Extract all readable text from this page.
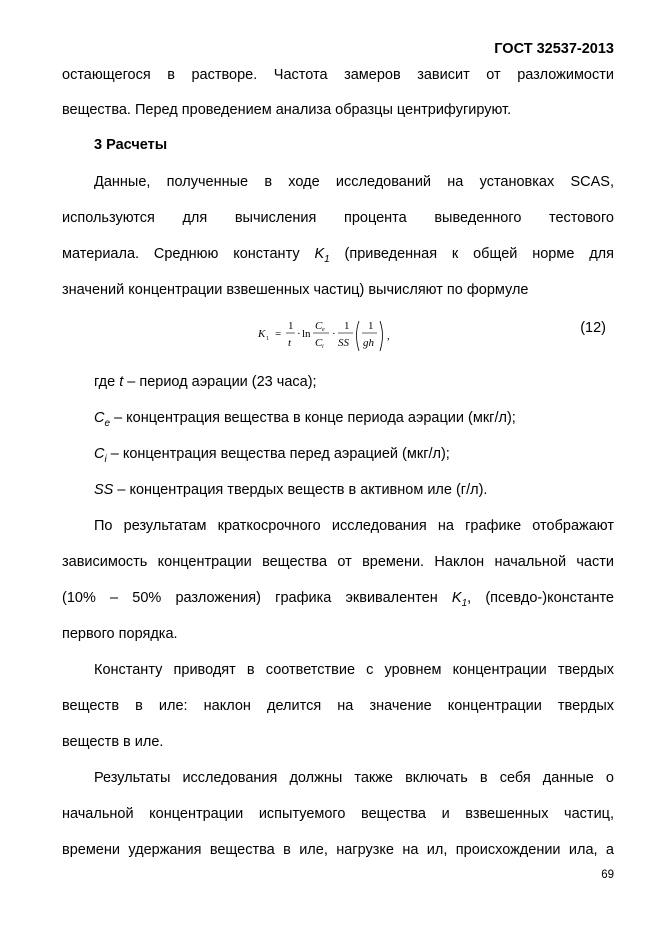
ГОСТ 32537-2013
остающегося в растворе. Частота замеров зависит от разложимости
вещества. Перед проведением анализа образцы центрифугируют.
3 Расчеты
Данные, полученные в ходе исследований на установках SCAS,
используются для вычисления процента выведенного тестового
материала. Среднюю константу $K_1$ (приведенная к общей норме для
значений концентрации взвешенных частиц) вычисляют по формуле
K 1 =
1
t
· ln
C e
C i
·
1
SS
1
gh
,	(12)
где t – период аэрации (23 часа);
$C_e$ – концентрация вещества в конце периода аэрации (мкг/л);
$C_i$ – концентрация вещества перед аэрацией (мкг/л);
SS – концентрация твердых веществ в активном иле (г/л).
По результатам краткосрочного исследования на графике отображают
зависимость концентрации вещества от времени. Наклон начальной части
(10% – 50% разложения) графика эквивалентен $K_1$, (псевдо-)константе
первого порядка.
Константу приводят в соответствие с уровнем концентрации твердых
веществ в иле: наклон делится на значение концентрации твердых
веществ в иле.
Результаты исследования должны также включать в себя данные о
начальной концентрации испытуемого вещества и взвешенных частиц,
времени удержания вещества в иле, нагрузке на ил, происхождении ила, а
69
